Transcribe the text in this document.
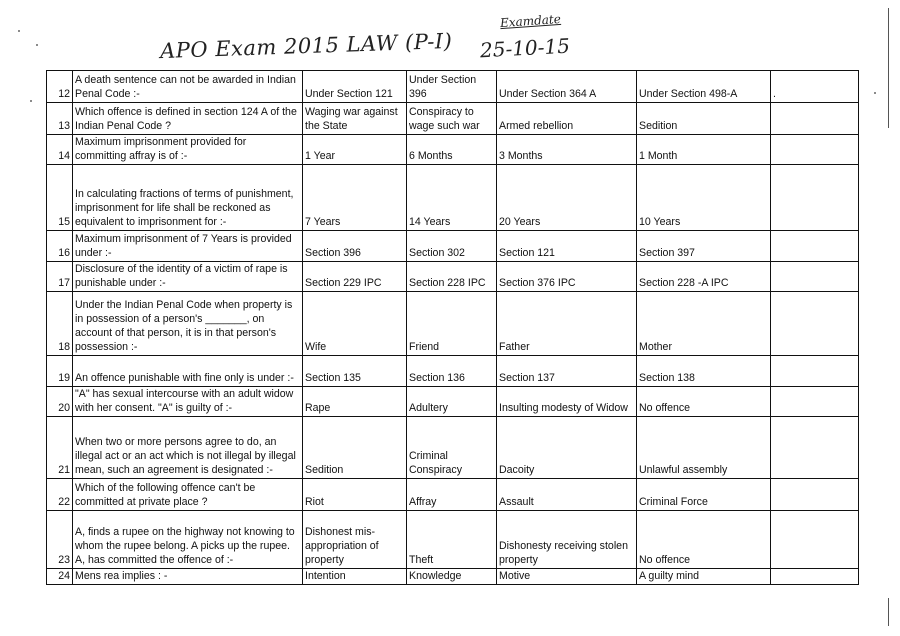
APO Exam 2015 LAW (P-I)
Examdate
25-10-15
12	A death sentence can not be awarded in Indian Penal Code :-	Under Section 121	Under Section 396	Under Section 364 A	Under Section 498-A	.
13	Which offence is defined in section 124 A of the Indian Penal Code ?	Waging war against the State	Conspiracy to wage such war	Armed rebellion	Sedition	
14	Maximum imprisonment provided for committing affray is of :-	1 Year	6 Months	3 Months	1 Month	
15	In calculating fractions of terms of punishment, imprisonment for life shall be reckoned as equivalent to imprisonment for :-	7 Years	14 Years	20 Years	10 Years	
16	Maximum imprisonment of 7 Years is provided under :-	Section 396	Section 302	Section 121	Section 397	
17	Disclosure of the identity of a victim of rape is punishable under :-	Section 229 IPC	Section 228 IPC	Section 376 IPC	Section 228 -A IPC	
18	Under the Indian Penal Code when property is in possession of a person's _______, on account of that person, it is in that person's possession :-	Wife	Friend	Father	Mother	
19	An offence punishable with fine only is under :-	Section 135	Section 136	Section 137	Section 138	
20	"A" has sexual intercourse with an adult widow with her consent. "A" is guilty of :-	Rape	Adultery	Insulting modesty of Widow	No offence	
21	When two or more persons agree to do, an illegal act or an act which is not illegal by illegal mean, such an agreement is designated :-	Sedition	Criminal Conspiracy	Dacoity	Unlawful assembly	
22	Which of the following offence can't be committed at private place ?	Riot	Affray	Assault	Criminal Force	
23	A, finds a rupee on the highway not knowing to whom the rupee belong. A picks up the rupee. A, has committed the offence of :-	Dishonest mis-appropriation of property	Theft	Dishonesty receiving stolen property	No offence	
24	Mens rea implies : -	Intention	Knowledge	Motive	A guilty mind	
